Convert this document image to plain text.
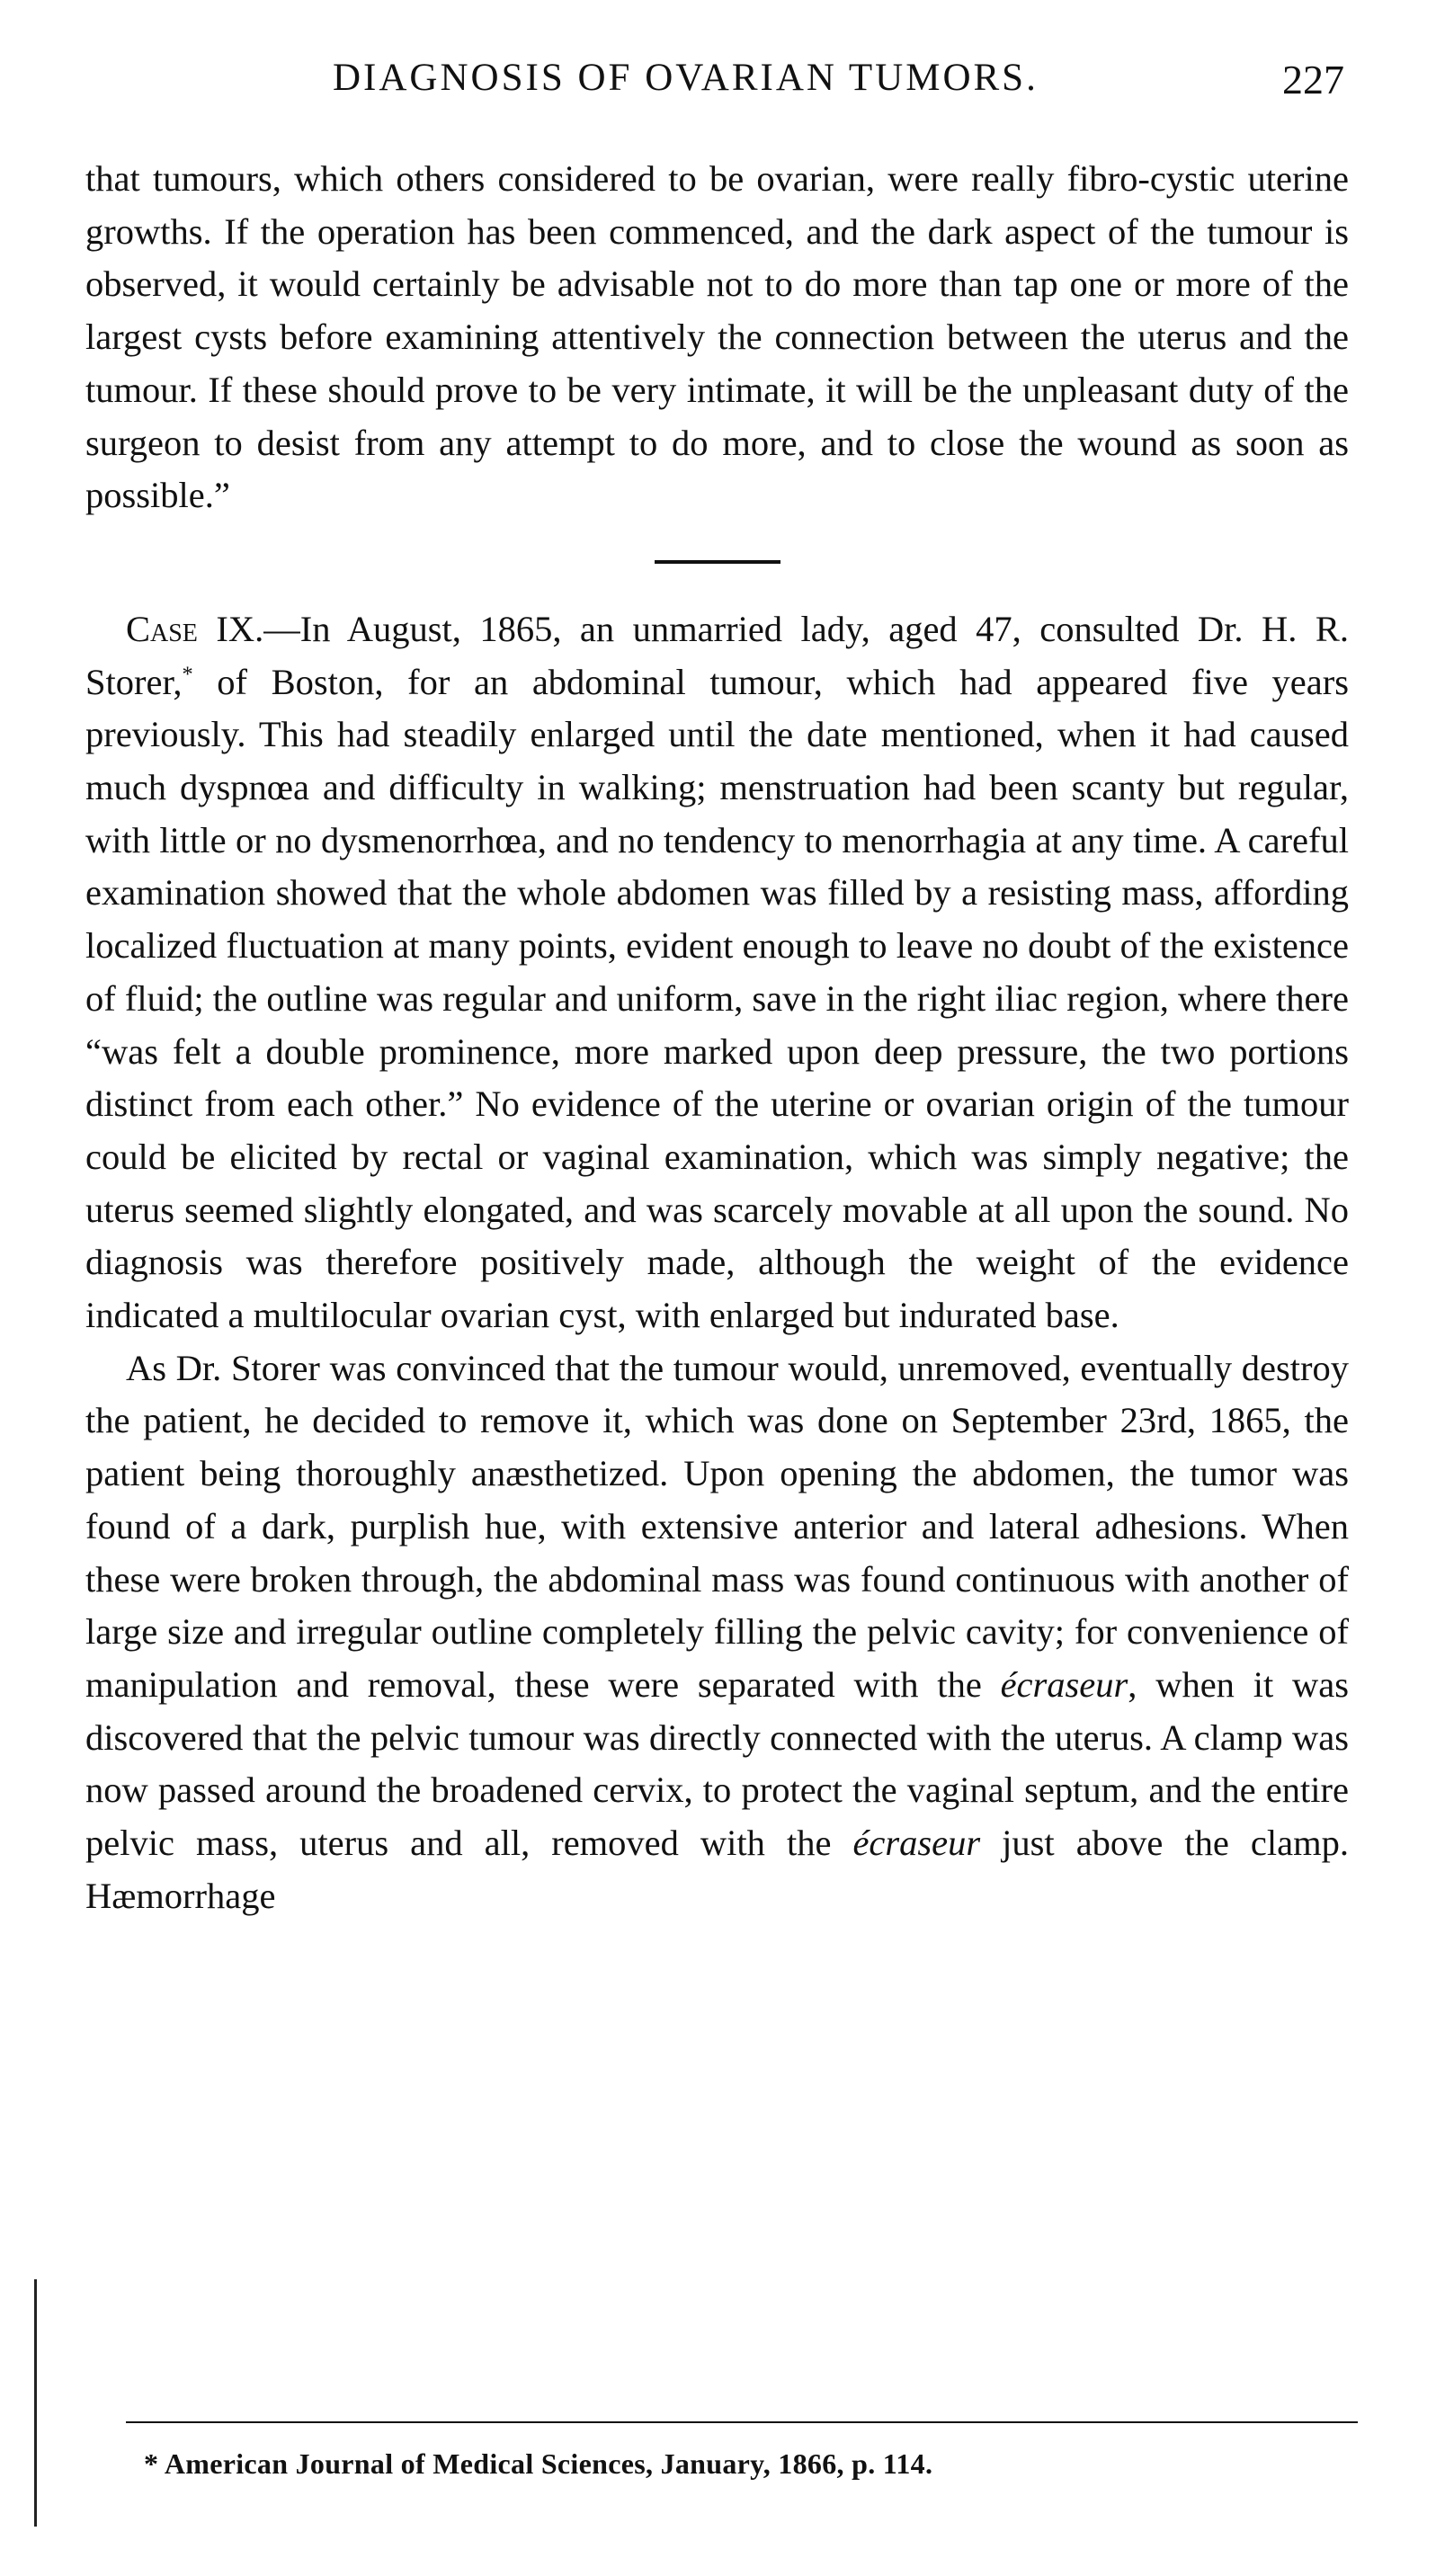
DIAGNOSIS OF OVARIAN TUMORS.	227

that tumours, which others considered to be ovarian, were really fibro-cystic uterine growths. If the operation has been commenced, and the dark aspect of the tumour is observed, it would certainly be advisable not to do more than tap one or more of the largest cysts before examining attentively the connection between the uterus and the tumour. If these should prove to be very intimate, it will be the unpleasant duty of the surgeon to desist from any attempt to do more, and to close the wound as soon as possible.”

Case IX.—In August, 1865, an unmarried lady, aged 47, consulted Dr. H. R. Storer,* of Boston, for an abdominal tumour, which had appeared five years previously. This had steadily enlarged until the date mentioned, when it had caused much dyspnœa and difficulty in walking; menstruation had been scanty but regular, with little or no dysmenorrhœa, and no tendency to menorrhagia at any time. A careful examination showed that the whole abdomen was filled by a resisting mass, affording localized fluctuation at many points, evident enough to leave no doubt of the existence of fluid; the outline was regular and uniform, save in the right iliac region, where there “was felt a double prominence, more marked upon deep pressure, the two portions distinct from each other.” No evidence of the uterine or ovarian origin of the tumour could be elicited by rectal or vaginal examination, which was simply negative; the uterus seemed slightly elongated, and was scarcely movable at all upon the sound. No diagnosis was therefore positively made, although the weight of the evidence indicated a multilocular ovarian cyst, with enlarged but indurated base.

As Dr. Storer was convinced that the tumour would, unremoved, eventually destroy the patient, he decided to remove it, which was done on September 23rd, 1865, the patient being thoroughly anæsthetized. Upon opening the abdomen, the tumor was found of a dark, purplish hue, with extensive anterior and lateral adhesions. When these were broken through, the abdominal mass was found continuous with another of large size and irregular outline completely filling the pelvic cavity; for convenience of manipulation and removal, these were separated with the écraseur, when it was discovered that the pelvic tumour was directly connected with the uterus. A clamp was now passed around the broadened cervix, to protect the vaginal septum, and the entire pelvic mass, uterus and all, removed with the écraseur just above the clamp. Hæmorrhage

* American Journal of Medical Sciences, January, 1866, p. 114.
